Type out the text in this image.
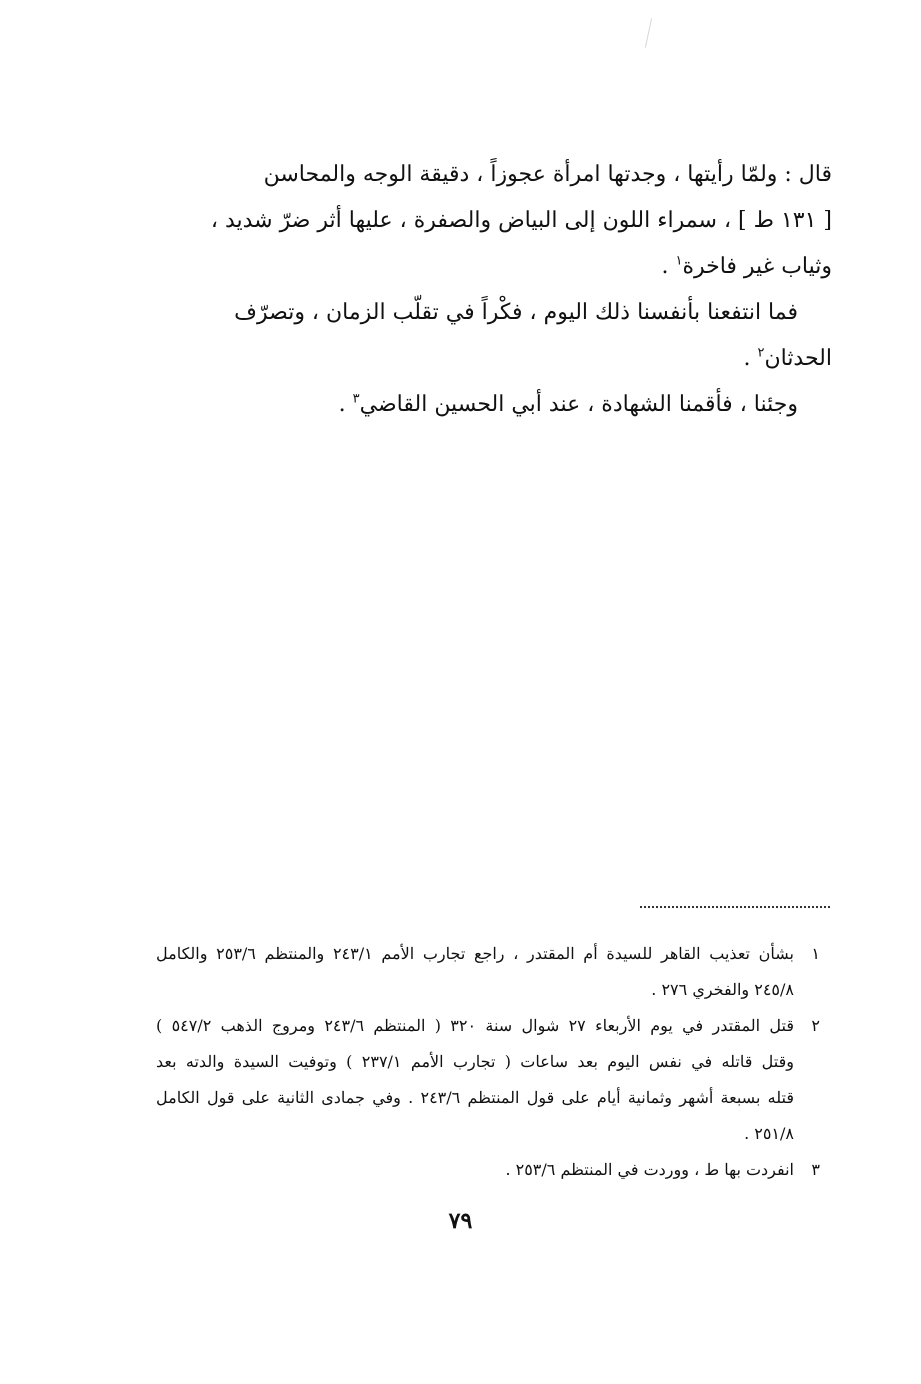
قال : ولمّا رأيتها ، وجدتها امرأة عجوزاً ، دقيقة الوجه والمحاسن

[ ١٣١ ط ] ، سمراء اللون إلى البياض والصفرة ، عليها أثر ضرّ شديد ،

وثياب غير فاخرة$^١$ .

فما انتفعنا بأنفسنا ذلك اليوم ، فكْراً في تقلّب الزمان ، وتصرّف

الحدثان$^٢$ .

وجئنا ، فأقمنا الشهادة ، عند أبي الحسين القاضي$^٣$ .

١
بشأن تعذيب القاهر للسيدة أم المقتدر ، راجع تجارب الأمم ٢٤٣/١ والمنتظم ٢٥٣/٦ والكامل
٢٤٥/٨ والفخري ٢٧٦ .
٢
قتل المقتدر في يوم الأربعاء ٢٧ شوال سنة ٣٢٠ ( المنتظم ٢٤٣/٦ ومروج الذهب ٥٤٧/٢ )
وقتل قاتله في نفس اليوم بعد ساعات ( تجارب الأمم ٢٣٧/١ ) وتوفيت السيدة والدته بعد
قتله بسبعة أشهر وثمانية أيام على قول المنتظم ٢٤٣/٦ . وفي جمادى الثانية على قول الكامل
٢٥١/٨ .
٣
انفردت بها ط ، ووردت في المنتظم ٢٥٣/٦ .
٧٩
